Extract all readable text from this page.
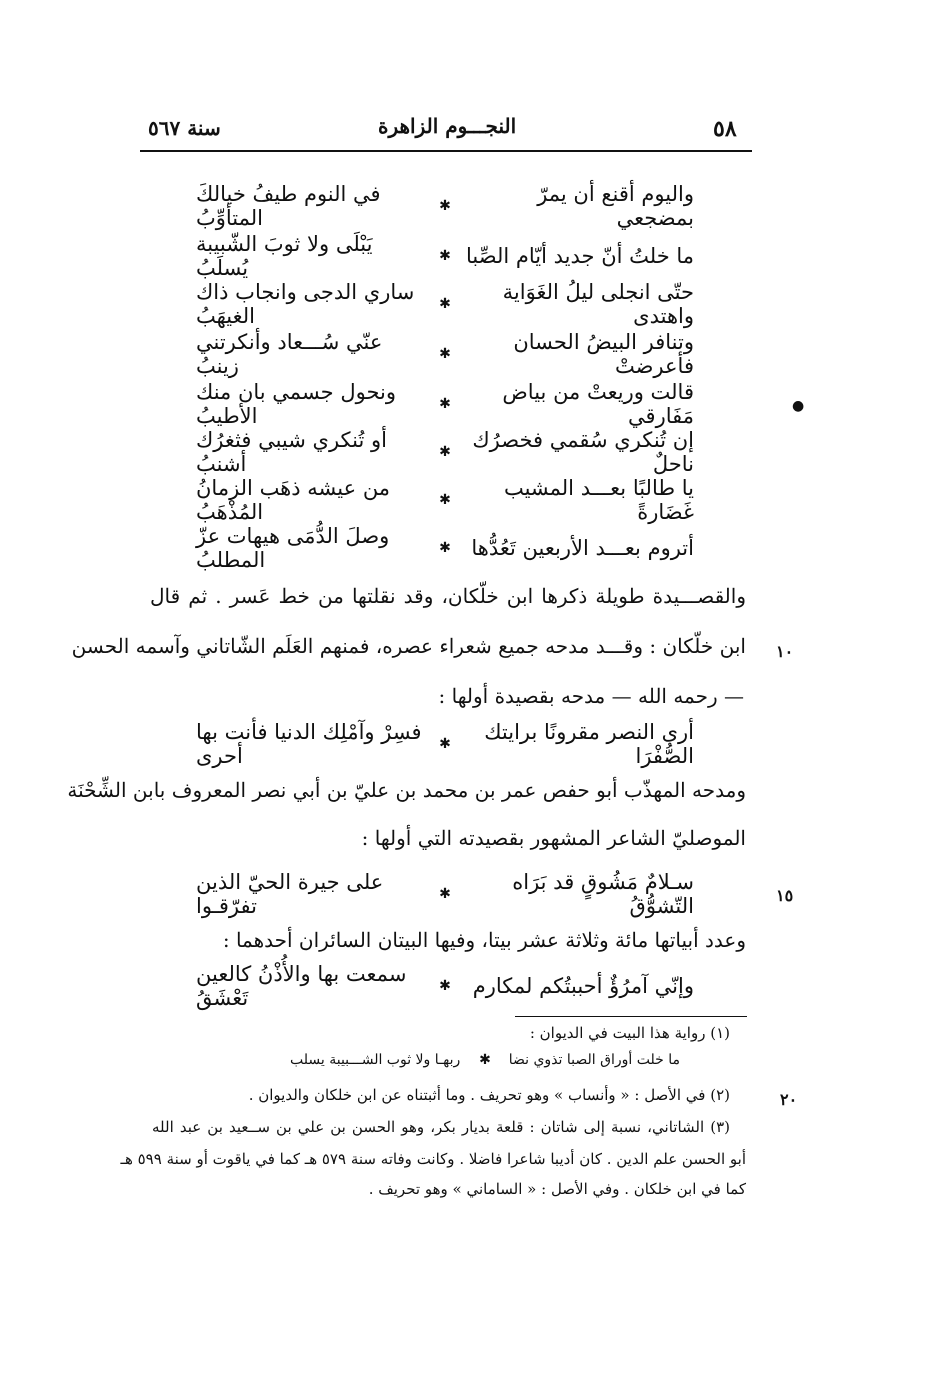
٥٨
النجـــوم الزاهرة
سنة ٥٦٧
واليوم أقنع أن يمرّ بمضجعي
✱
في النوم طيفُ خيالكَ المتأوِّبُ
ما خلتُ أنّ جديد أيّام الصِّبا
✱
يَبْلَى ولا ثوبَ الشّبيبة يُسلَبُ
حتّى انجلى ليلُ الغَوَاية واهتدى
✱
ساري الدجى وانجاب ذاك الغيهَبُ
وتنافر البيضُ الحسان فأعرضتْ
✱
عنّي سُـــعاد وأنكرتني زينبُ
قالت وريعتْ من بياض مَفَارقي
✱
ونحول جسمي بان منك الأطيبُ
إن تُنكري سُقمي فخصرُك ناحلٌ
✱
أو تُنكري شيبي فثغرُك أشنبُ
يا طالبًا بعـــد المشيب غَضَارةً
✱
من عيشه ذهَب الزمانُ المُذْهَبُ
أتروم بعـــد الأربعين تَعُدُّها
✱
وصلَ الدُّمَى هيهات عزّ المطلبُ
●
والقصـــيدة طويلة ذكرها ابن خلّكان، وقد نقلتها من خط عَسر . ثم قال
ابن خلّكان : وقـــد مدحه جميع شعراء عصره، فمنهم العَلَم الشّاتاني وآسمه الحسن
— رحمه الله — مدحه بقصيدة أولها :
١٠
أرى النصر مقرونًا برايتك الصُّفْرَا
✱
فسِرْ وآمْلِك الدنيا فأنت بها أحرى
ومدحه المهذّب أبو حفص عمر بن محمد بن عليّ بن أبي نصر المعروف بابن الشِّحْنَة
الموصليّ الشاعر المشهور بقصيدته التي أولها :
سـلامٌ مَشُوقٍ قد بَرَاه التّشوُّقُ
✱
على جيرة الحيّ الذين تفرّقـوا	١٥
وعدد أبياتها مائة وثلاثة عشر بيتا، وفيها البيتان السائران أحدهما :
وإنّي آمرُؤٌ أحببتُكم لمكارم
✱
سمعت بها والأُذْنُ كالعين تَعْشَقُ
(١) رواية هذا البيت في الديوان :
ما خلت أوراق الصبا تذوي نضا
✱
ربهـا ولا ثوب الشـــبيبة يسلب
(٢) في الأصل : « وأنساب » وهو تحريف . وما أثبتناه عن ابن خلكان والديوان .	٢٠
(٣) الشاتاني، نسبة إلى شاتان : قلعة بديار بكر، وهو الحسن بن علي بن ســعيد بن عبد الله
أبو الحسن علم الدين . كان أديبا شاعرا فاضلا . وكانت وفاته سنة ٥٧٩ هـ كما في ياقوت أو سنة ٥٩٩ هـ
كما في ابن خلكان . وفي الأصل : « الساماني » وهو تحريف .
